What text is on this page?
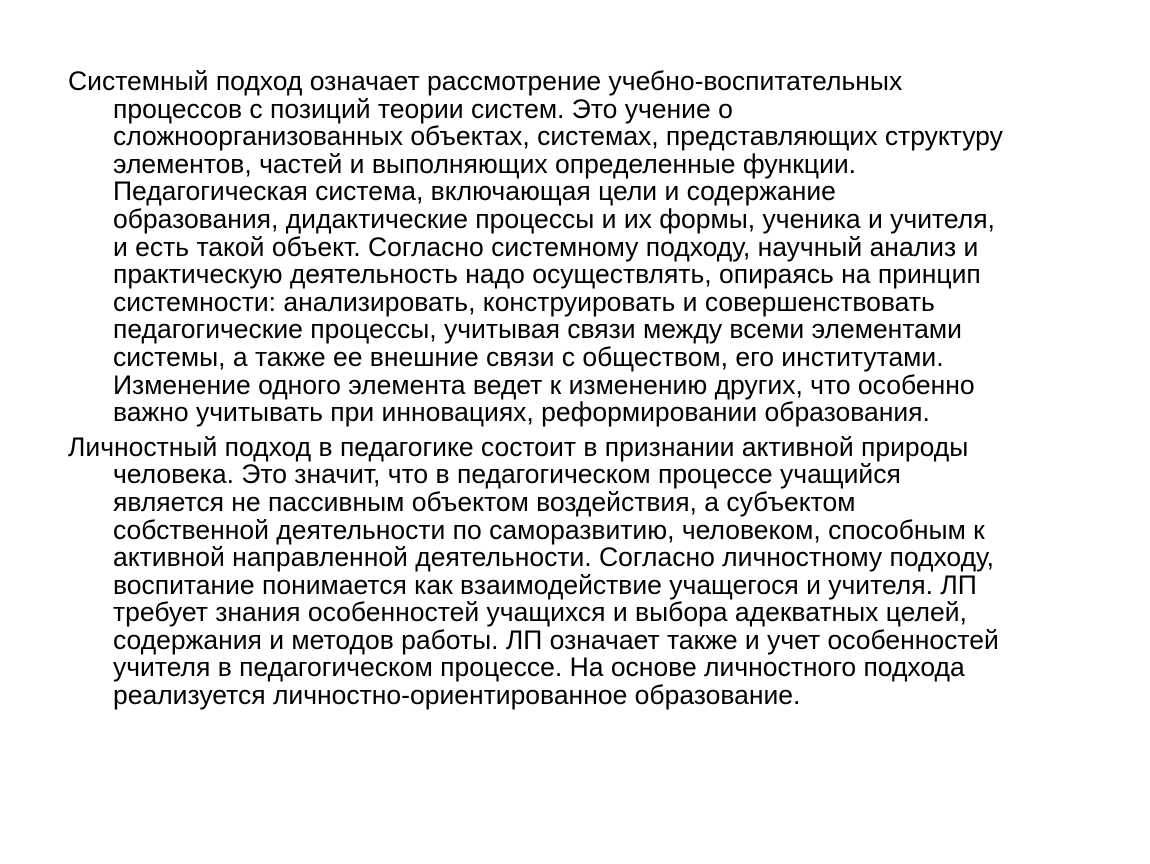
Системный подход означает рассмотрение учебно-воспитательных
процессов с позиций теории систем. Это учение о
сложноорганизованных объектах, системах, представляющих структуру
элементов, частей и выполняющих определенные функции.
Педагогическая система, включающая цели и содержание
образования, дидактические процессы и их формы, ученика и учителя,
и есть такой объект. Согласно системному подходу, научный анализ и
практическую деятельность надо осуществлять, опираясь на принцип
системности: анализировать, конструировать и совершенствовать
педагогические процессы, учитывая связи между всеми элементами
системы, а также ее внешние связи с обществом, его институтами.
Изменение одного элемента ведет к изменению других, что особенно
важно учитывать при инновациях, реформировании образования.

Личностный подход в педагогике состоит в признании активной природы
человека. Это значит, что в педагогическом процессе учащийся
является не пассивным объектом воздействия, а субъектом
собственной деятельности по саморазвитию, человеком, способным к
активной направленной деятельности. Согласно личностному подходу,
воспитание понимается как взаимодействие учащегося и учителя. ЛП
требует знания особенностей учащихся и выбора адекватных целей,
содержания и методов работы. ЛП означает также и учет особенностей
учителя в педагогическом процессе. На основе личностного подхода
реализуется личностно-ориентированное образование.
